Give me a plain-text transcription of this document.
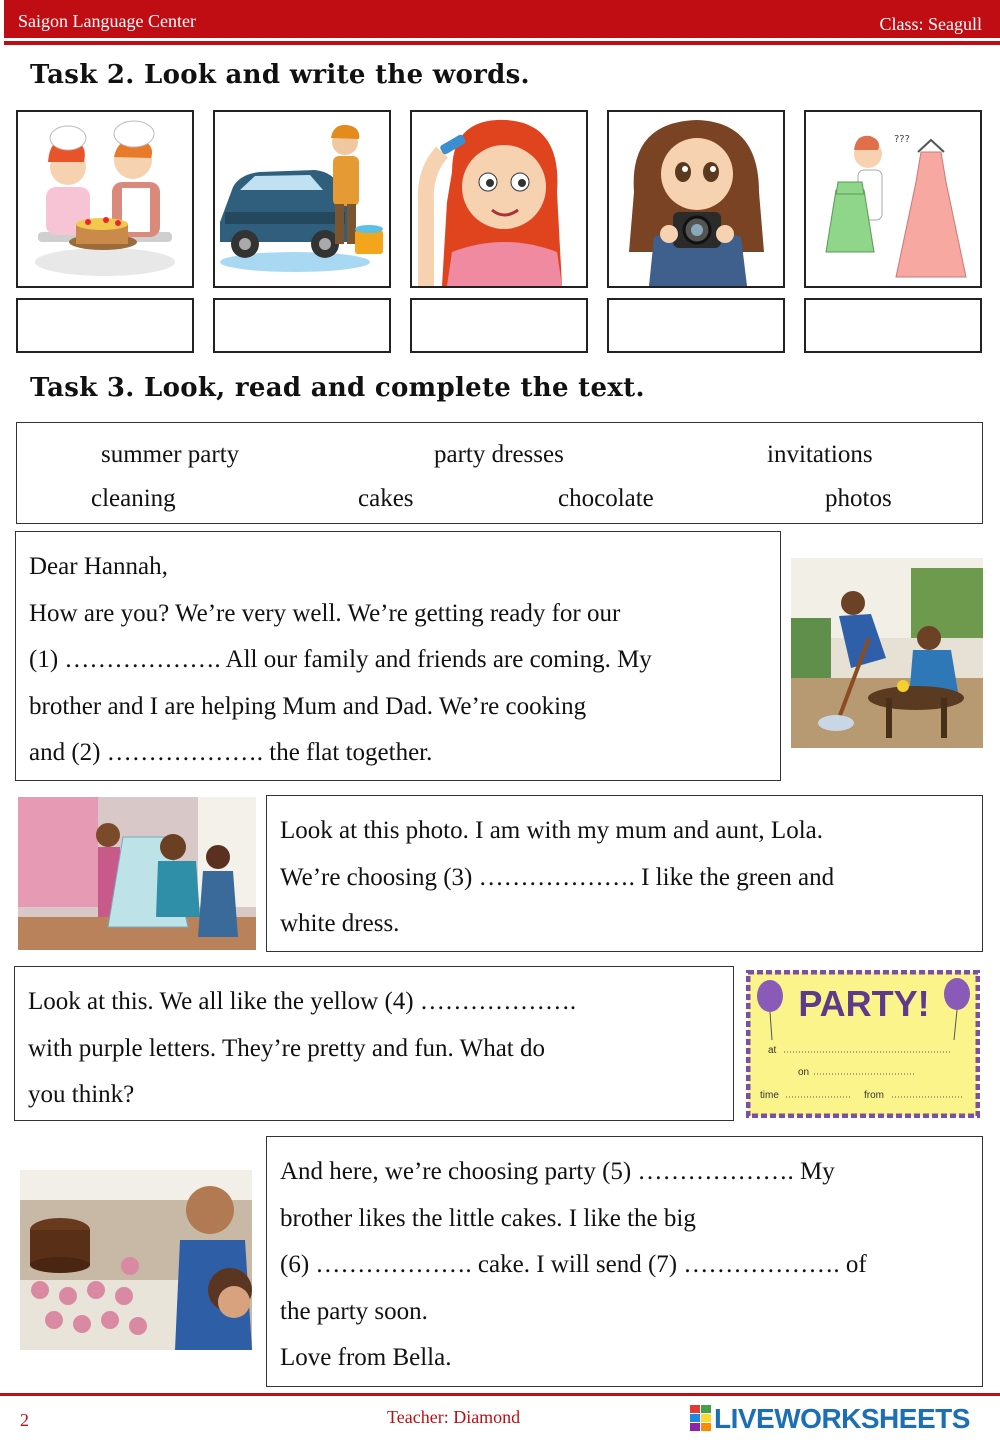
Saigon Language Center	Class: Seagull
Task 2. Look and write the words.
???
Task 3. Look, read and complete the text.
summer party	party dresses	invitations
cleaning	cakes	chocolate	photos

Dear Hannah,

How are you? We’re very well. We’re getting ready for our

(1) ………………. All our family and friends are coming. My

brother and I are helping Mum and Dad. We’re cooking

and (2) ………………. the flat together.

Look at this photo. I am with my mum and aunt, Lola.

We’re choosing (3) ………………. I like the green and

white dress.

Look at this. We all like the yellow (4) ……………….

with purple letters. They’re pretty and fun. What do

you think?

PARTY!
at
on
time	from

And here, we’re choosing party (5) ………………. My

brother likes the little cakes. I like the big

(6) ………………. cake. I will send (7) ………………. of

the party soon.

Love from Bella.

2	Teacher: Diamond	LIVEWORKSHEETS
